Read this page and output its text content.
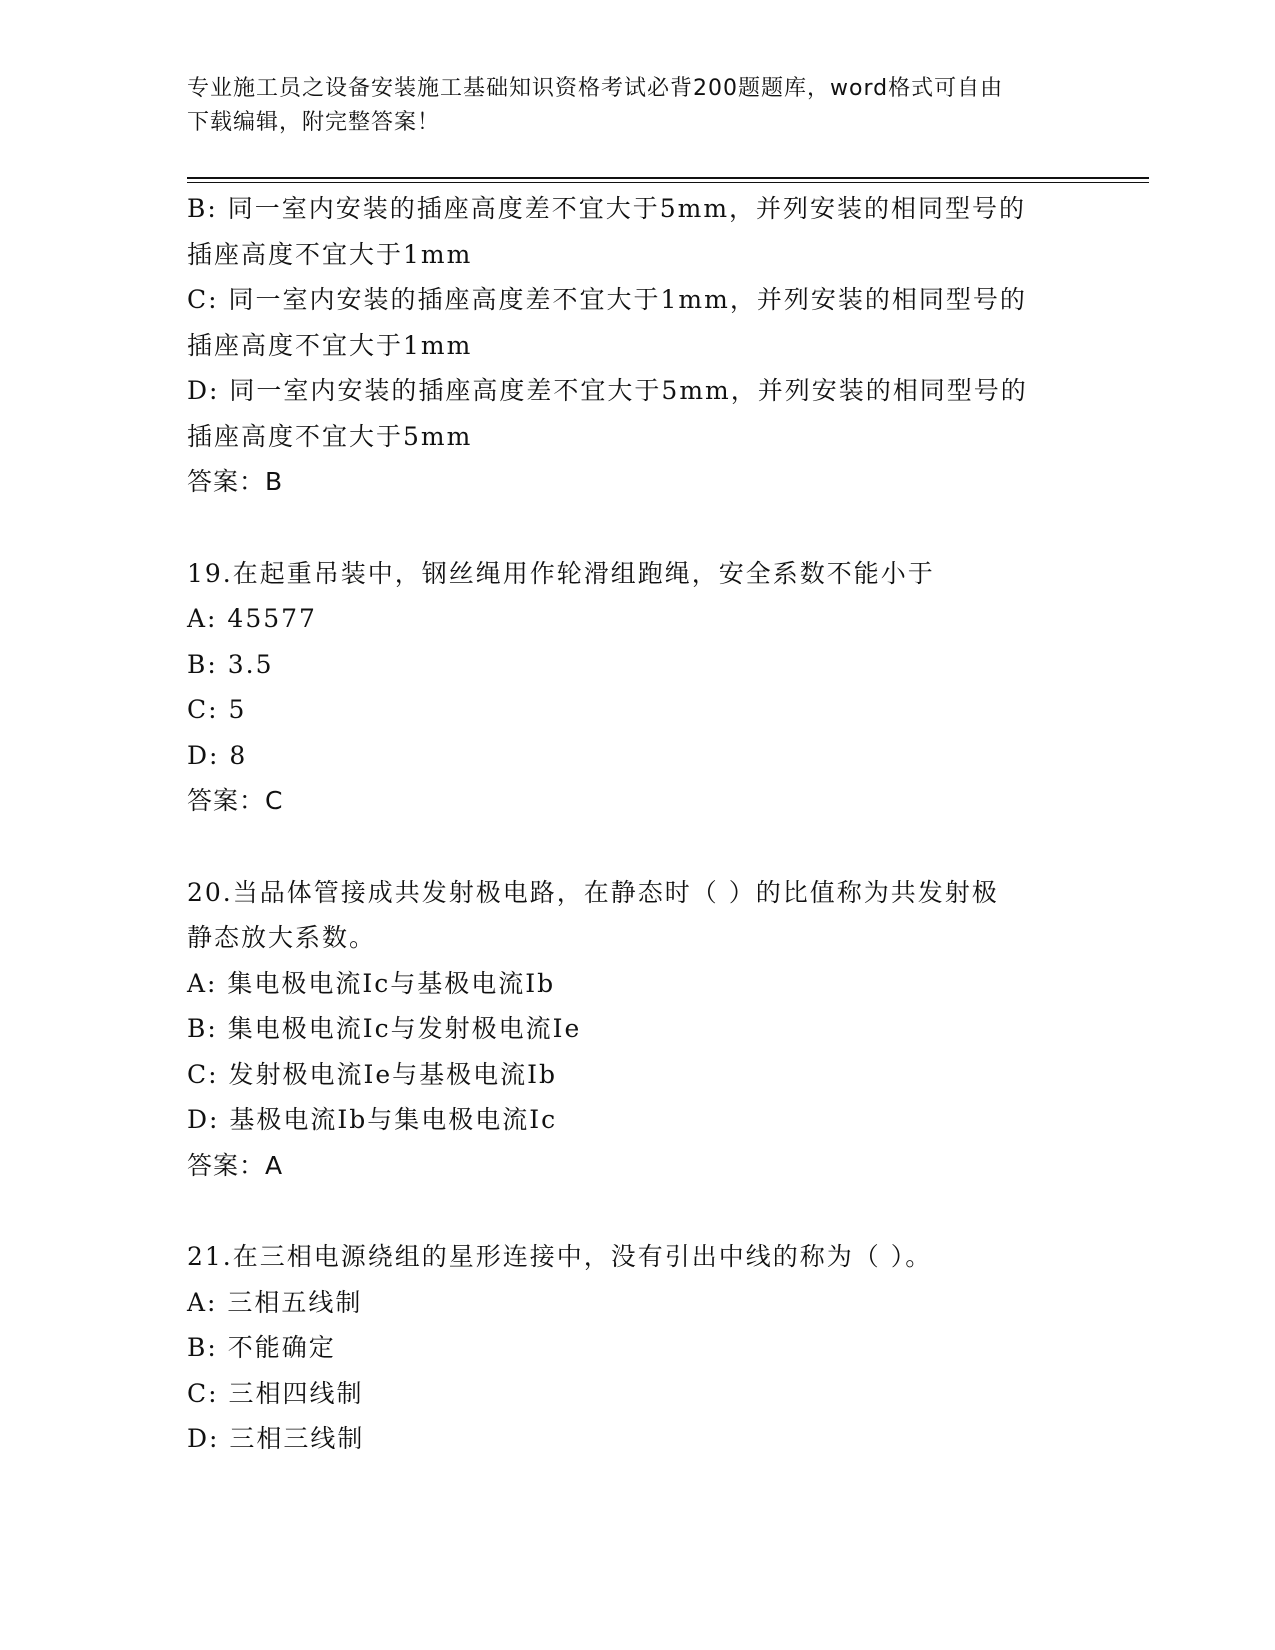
专业施工员之设备安装施工基础知识资格考试必背200题题库，word格式可自由
下载编辑，附完整答案！
B: 同一室内安装的插座高度差不宜大于5mm，并列安装的相同型号的
插座高度不宜大于1mm
C: 同一室内安装的插座高度差不宜大于1mm，并列安装的相同型号的
插座高度不宜大于1mm
D: 同一室内安装的插座高度差不宜大于5mm，并列安装的相同型号的
插座高度不宜大于5mm
答案：B
19.在起重吊装中，钢丝绳用作轮滑组跑绳，安全系数不能小于
A: 45577
B: 3.5
C: 5
D: 8
答案：C
20.当品体管接成共发射极电路，在静态时（ ）的比值称为共发射极
静态放大系数。
A: 集电极电流Ic与基极电流Ib
B: 集电极电流Ic与发射极电流Ie
C: 发射极电流Ie与基极电流Ib
D: 基极电流Ib与集电极电流Ic
答案：A
21.在三相电源绕组的星形连接中，没有引出中线的称为（ ）。
A: 三相五线制
B: 不能确定
C: 三相四线制
D: 三相三线制
